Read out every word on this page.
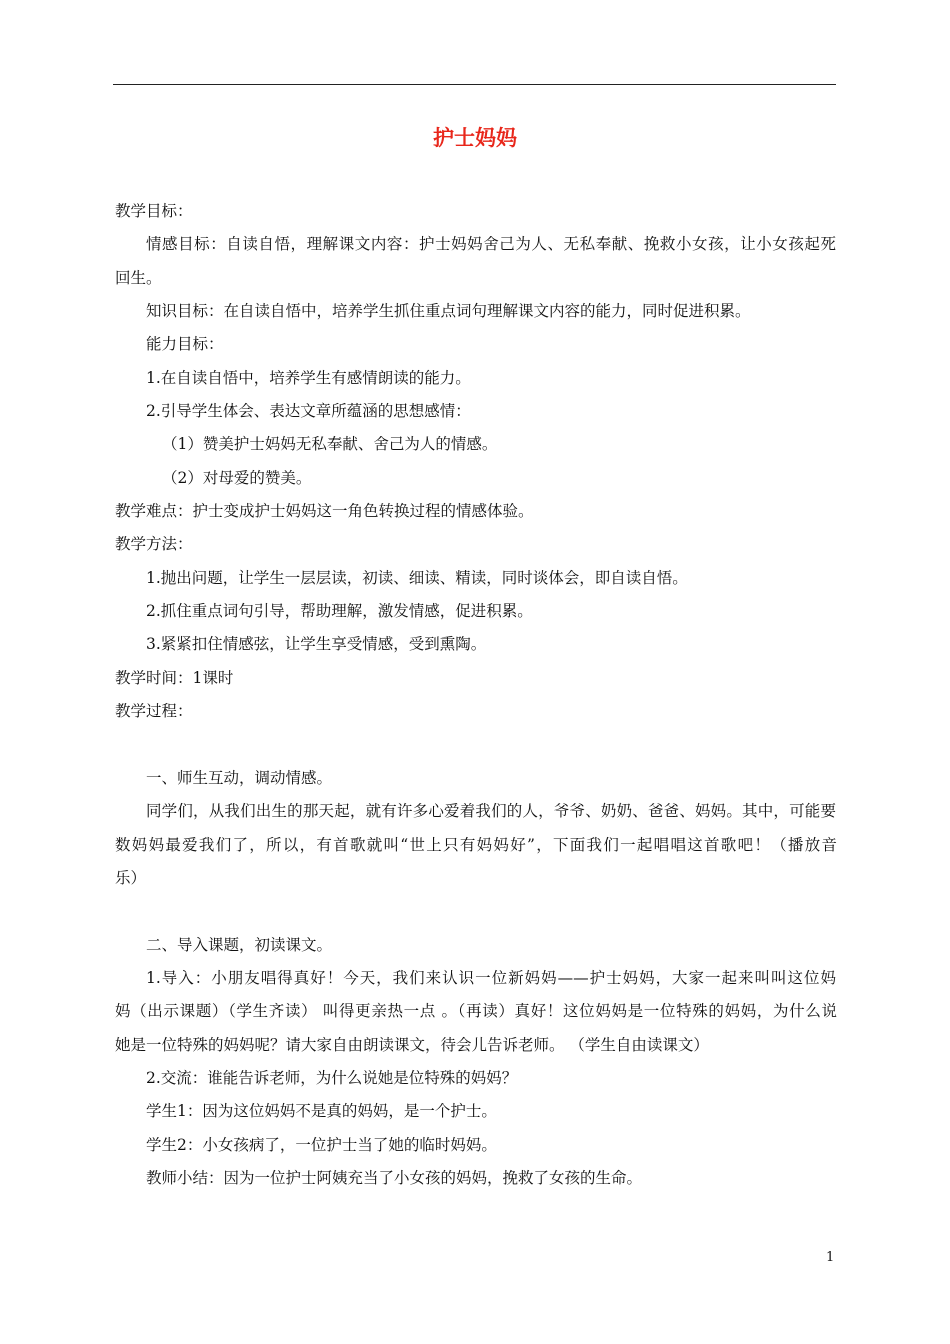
护士妈妈
教学目标：
情感目标：自读自悟，理解课文内容：护士妈妈舍己为人、无私奉献、挽救小女孩，让小女孩起死
回生。
知识目标：在自读自悟中，培养学生抓住重点词句理解课文内容的能力，同时促进积累。
能力目标：
1.在自读自悟中，培养学生有感情朗读的能力。
2.引导学生体会、表达文章所蕴涵的思想感情：
（1）赞美护士妈妈无私奉献、舍己为人的情感。
（2）对母爱的赞美。
教学难点：护士变成护士妈妈这一角色转换过程的情感体验。
教学方法：
1.抛出问题，让学生一层层读，初读、细读、精读，同时谈体会，即自读自悟。
2.抓住重点词句引导，帮助理解，激发情感，促进积累。
3.紧紧扣住情感弦，让学生享受情感，受到熏陶。
教学时间：1课时
教学过程：
一、师生互动，调动情感。
同学们，从我们出生的那天起，就有许多心爱着我们的人，爷爷、奶奶、爸爸、妈妈。其中，可能要
数妈妈最爱我们了，所以，有首歌就叫“世上只有妈妈好”，下面我们一起唱唱这首歌吧！（播放音
乐）
二、导入课题，初读课文。
1.导入：小朋友唱得真好！今天，我们来认识一位新妈妈——护士妈妈，大家一起来叫叫这位妈
妈（出示课题）（学生齐读） 叫得更亲热一点 。（再读）真好！这位妈妈是一位特殊的妈妈，为什么说
她是一位特殊的妈妈呢？请大家自由朗读课文，待会儿告诉老师。 （学生自由读课文）
2.交流：谁能告诉老师，为什么说她是位特殊的妈妈？
学生1：因为这位妈妈不是真的妈妈，是一个护士。
学生2：小女孩病了，一位护士当了她的临时妈妈。
教师小结：因为一位护士阿姨充当了小女孩的妈妈，挽救了女孩的生命。
1
